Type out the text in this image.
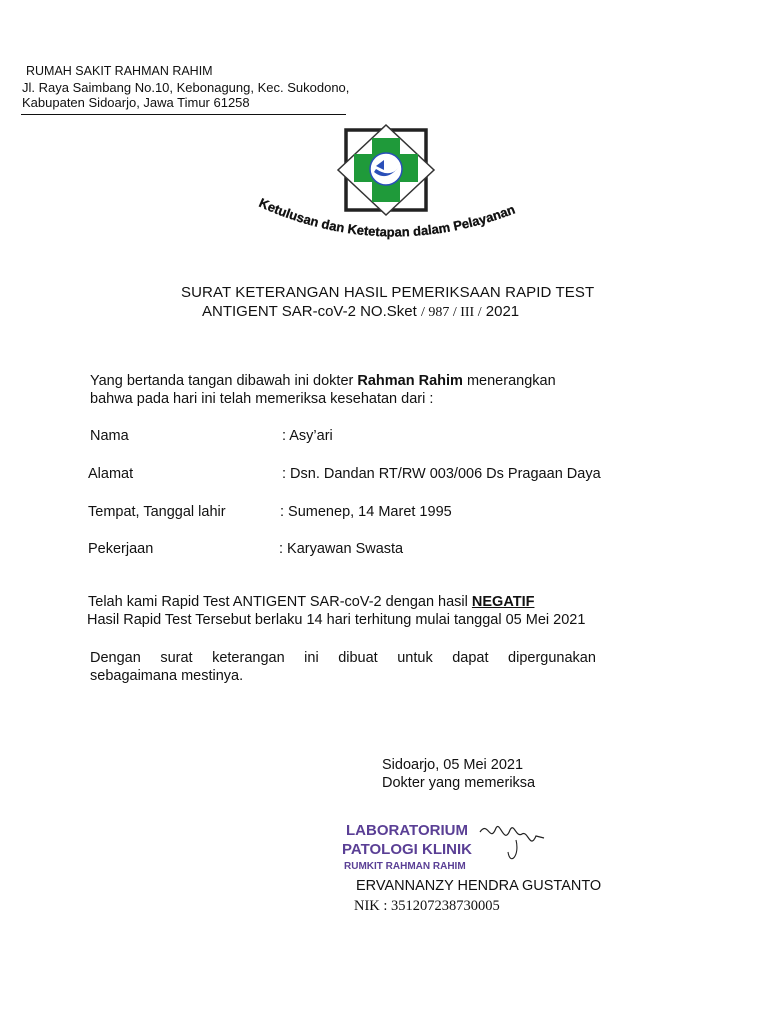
RUMAH SAKIT RAHMAN RAHIM
Jl. Raya Saimbang No.10, Kebonagung, Kec. Sukodono,
Kabupaten Sidoarjo, Jawa Timur 61258
Ketulusan dan Ketetapan dalam Pelayanan
SURAT KETERANGAN HASIL PEMERIKSAAN RAPID TEST
ANTIGENT SAR-coV-2 NO.Sket / 987 / III / 2021
Yang bertanda tangan dibawah ini dokter Rahman Rahim menerangkan
bahwa pada hari ini telah memeriksa kesehatan dari :
Nama	: Asy’ari
Alamat	: Dsn. Dandan RT/RW 003/006 Ds Pragaan Daya
Tempat, Tanggal lahir	: Sumenep, 14 Maret 1995
Pekerjaan	: Karyawan Swasta
Telah kami Rapid Test ANTIGENT SAR-coV-2 dengan hasil NEGATIF
Hasil Rapid Test Tersebut berlaku 14 hari terhitung mulai tanggal 05 Mei 2021
Dengan surat keterangan ini dibuat untuk dapat dipergunakan
sebagaimana mestinya.
Sidoarjo, 05 Mei 2021
Dokter yang memeriksa
LABORATORIUM
PATOLOGI KLINIK
RUMKIT RAHMAN RAHIM
ERVANNANZY HENDRA GUSTANTO
NIK : 351207238730005
